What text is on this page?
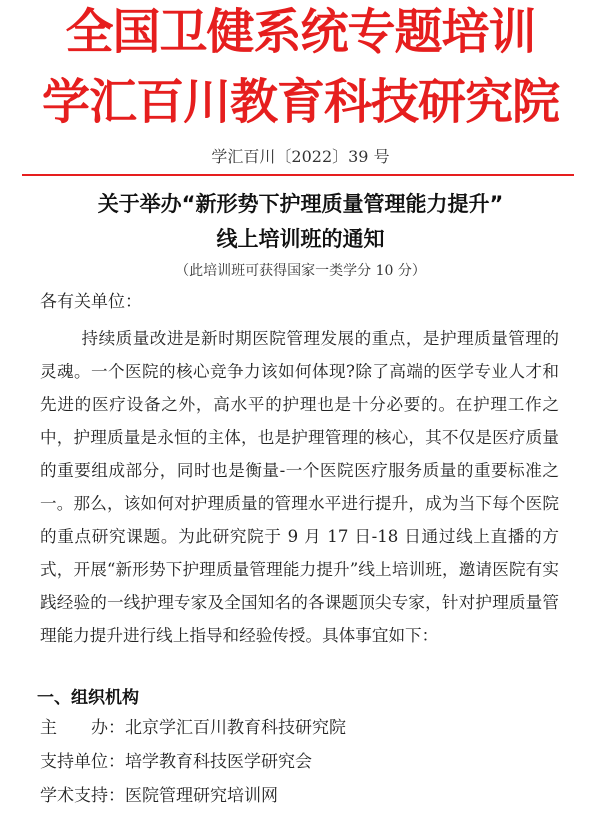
全国卫健系统专题培训
学汇百川教育科技研究院
学汇百川〔2022〕39 号
关于举办“新形势下护理质量管理能力提升”
线上培训班的通知
（此培训班可获得国家一类学分 10 分）
各有关单位：
持续质量改进是新时期医院管理发展的重点，是护理质量管理的灵魂。一个医院的核心竞争力该如何体现?除了高端的医学专业人才和先进的医疗设备之外，高水平的护理也是十分必要的。在护理工作之中，护理质量是永恒的主体，也是护理管理的核心，其不仅是医疗质量的重要组成部分，同时也是衡量-一个医院医疗服务质量的重要标准之一。那么，该如何对护理质量的管理水平进行提升，成为当下每个医院的重点研究课题。为此研究院于 9 月 17 日-18 日通过线上直播的方式，开展“新形势下护理质量管理能力提升”线上培训班，邀请医院有实践经验的一线护理专家及全国知名的各课题顶尖专家，针对护理质量管理能力提升进行线上指导和经验传授。具体事宜如下：
一、组织机构
主　　办：北京学汇百川教育科技研究院
支持单位：培学教育科技医学研究会
学术支持：医院管理研究培训网
